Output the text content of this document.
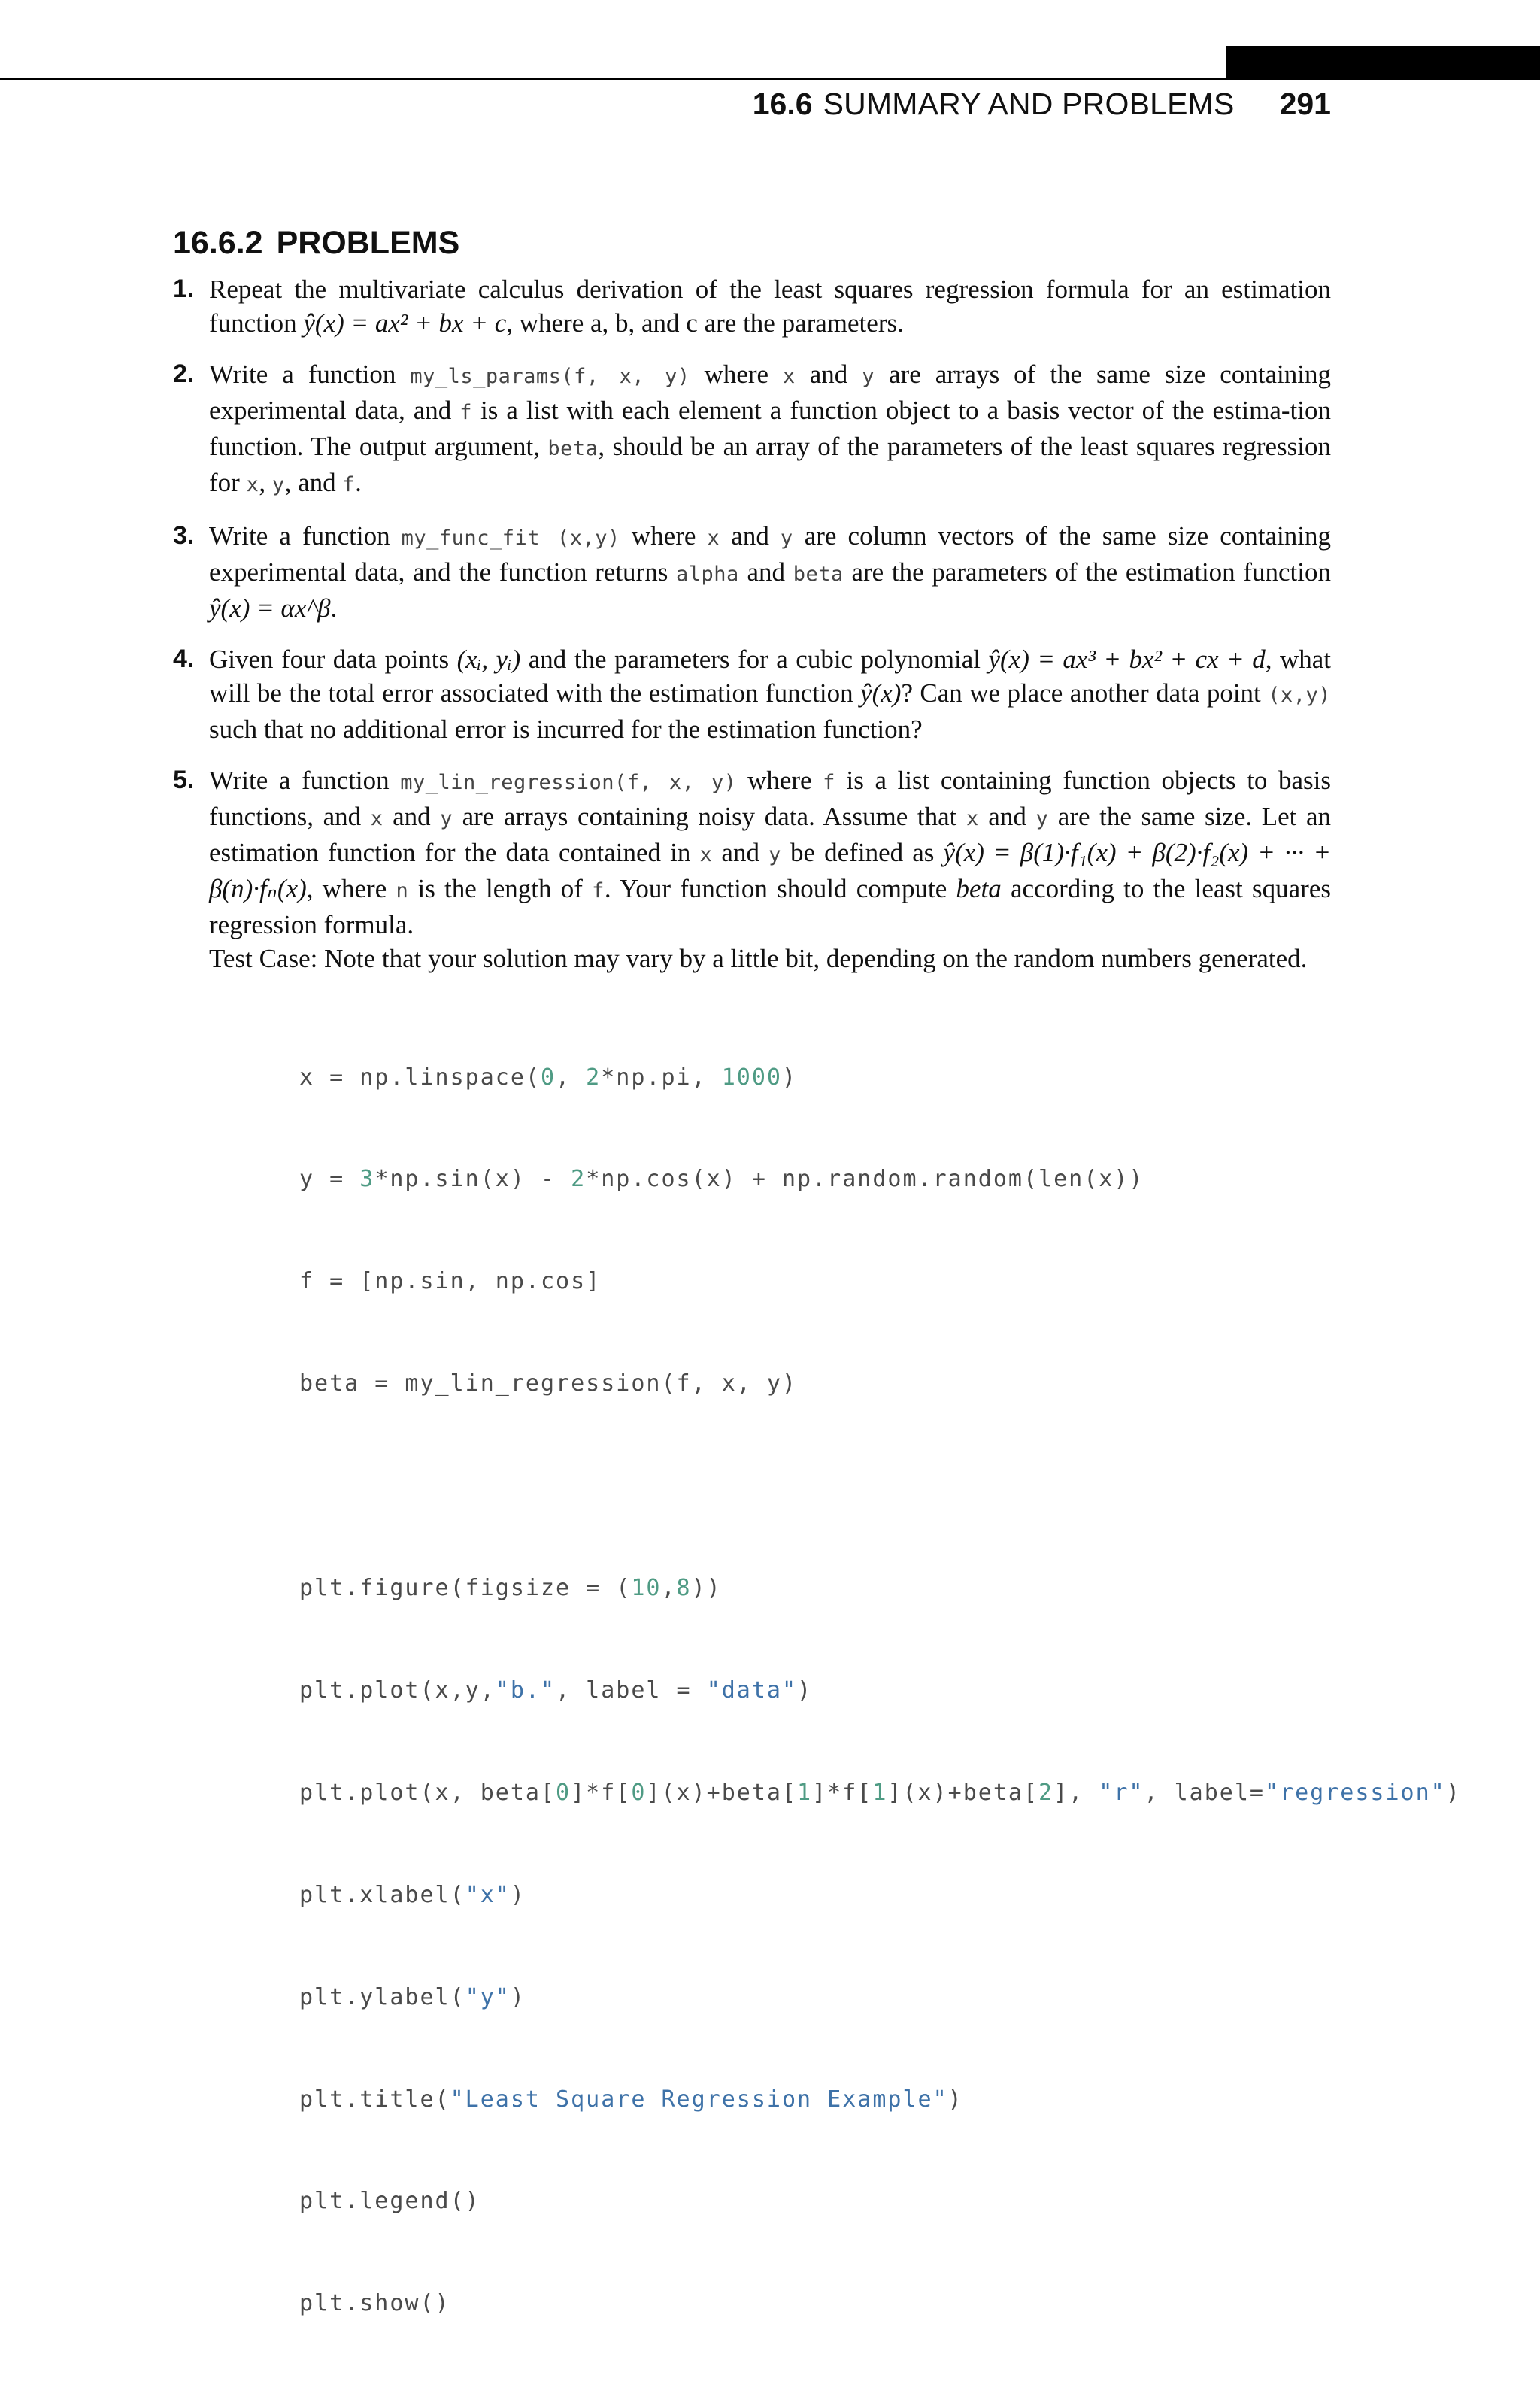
16.6 SUMMARY AND PROBLEMS 291
16.6.2 PROBLEMS
1. Repeat the multivariate calculus derivation of the least squares regression formula for an estimation function ŷ(x) = ax² + bx + c, where a, b, and c are the parameters.

2. Write a function my_ls_params(f, x, y) where x and y are arrays of the same size containing experimental data, and f is a list with each element a function object to a basis vector of the estima-tion function. The output argument, beta, should be an array of the parameters of the least squares regression for x, y, and f.

3. Write a function my_func_fit (x,y) where x and y are column vectors of the same size containing experimental data, and the function returns alpha and beta are the parameters of the estimation function ŷ(x) = αx^β.

4. Given four data points (xᵢ, yᵢ) and the parameters for a cubic polynomial ŷ(x) = ax³ + bx² + cx + d, what will be the total error associated with the estimation function ŷ(x)? Can we place another data point (x,y) such that no additional error is incurred for the estimation function?

5. Write a function my_lin_regression(f, x, y) where f is a list containing function objects to basis functions, and x and y are arrays containing noisy data. Assume that x and y are the same size. Let an estimation function for the data contained in x and y be defined as ŷ(x) = β(1)·f₁(x) + β(2)·f₂(x) + ··· + β(n)·fₙ(x), where n is the length of f. Your function should compute beta according to the least squares regression formula.

Test Case: Note that your solution may vary by a little bit, depending on the random numbers generated.

x = np.linspace(0, 2*np.pi, 1000)

y = 3*np.sin(x) - 2*np.cos(x) + np.random.random(len(x))

f = [np.sin, np.cos]

beta = my_lin_regression(f, x, y)

plt.figure(figsize = (10,8))

plt.plot(x,y,"b.", label = "data")

plt.plot(x, beta[0]*f[0](x)+beta[1]*f[1](x)+beta[2], "r", label="regression")

plt.xlabel("x")

plt.ylabel("y")

plt.title("Least Square Regression Example")

plt.legend()

plt.show()
